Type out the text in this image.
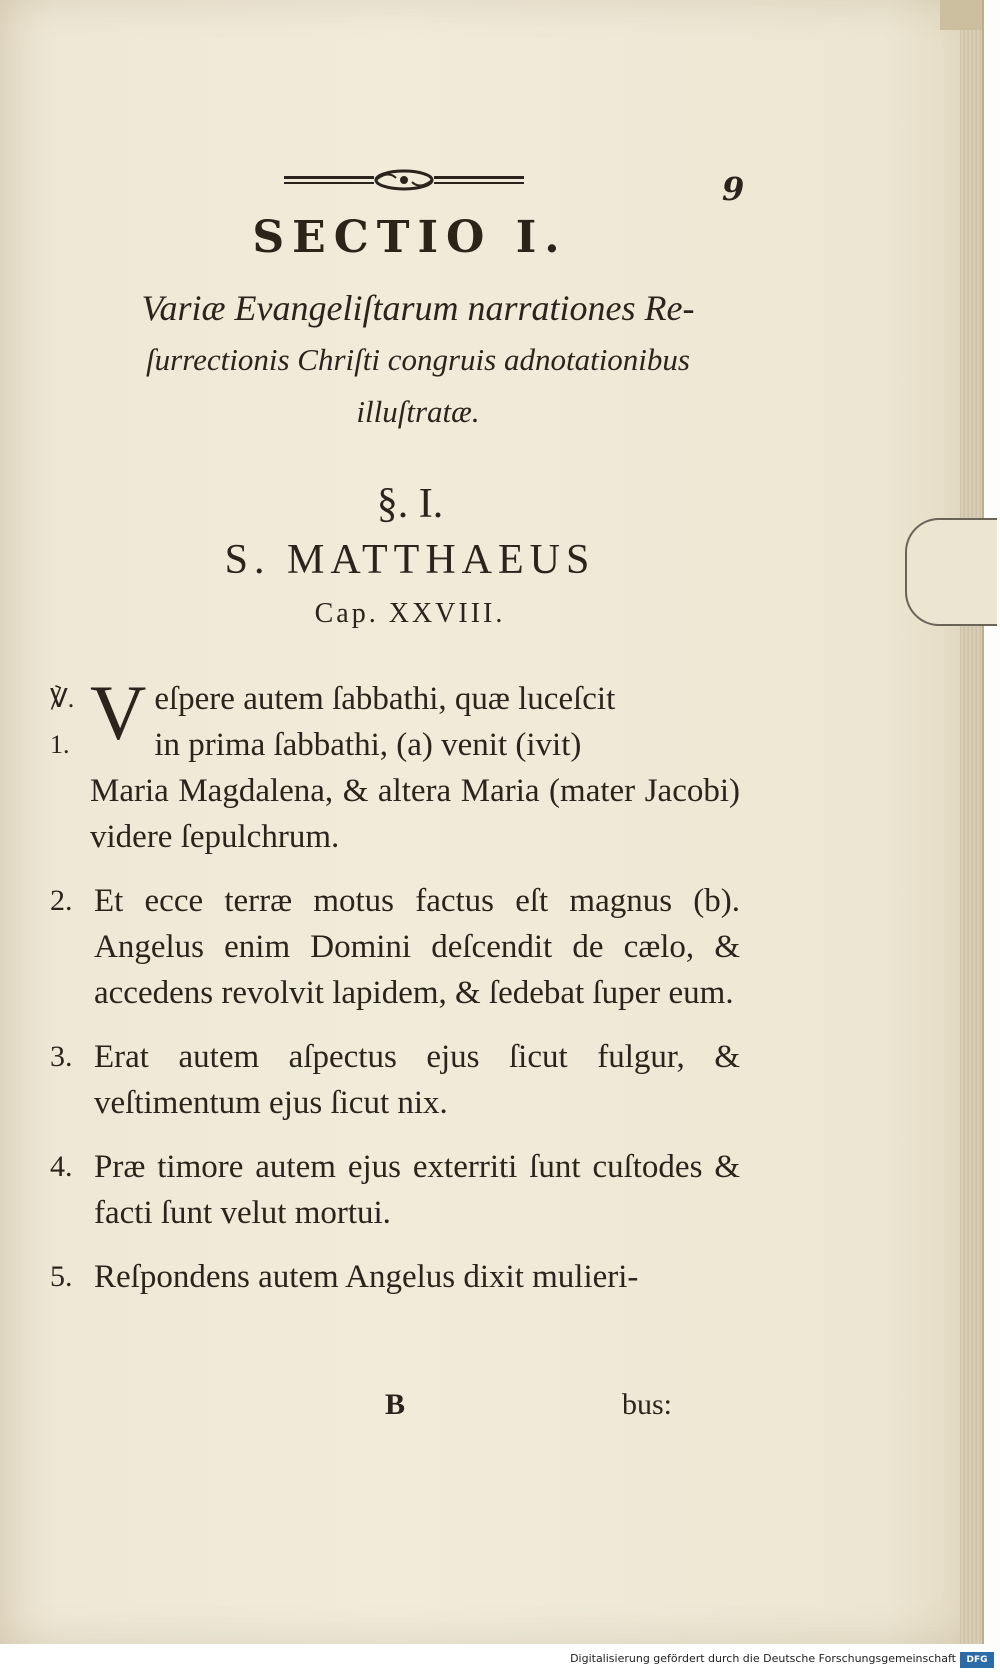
9
SECTIO I.
Variæ Evangeliſtarum narrationes Re-
ſurrectionis Chriſti congruis adnotationibus
illuſtratæ.
§. I.
S. MATTHAEUS
Cap. XXVIII.
℣. 1. V eſpere autem ſabbathi, quæ luceſcit
in prima ſabbathi, (a) venit (ivit)
Maria Magdalena, & altera Maria (mater Jacobi) videre ſepulchrum.
2. Et ecce terræ motus factus eſt magnus (b). Angelus enim Domini deſcendit de cælo, & accedens revolvit lapidem, & ſedebat ſuper eum.
3. Erat autem aſpectus ejus ſicut fulgur, & veſtimentum ejus ſicut nix.
4. Præ timore autem ejus exterriti ſunt cuſtodes & facti ſunt velut mortui.
5. Reſpondens autem Angelus dixit mulieri-
B	bus:
Digitalisierung gefördert durch die Deutsche Forschungsgemeinschaft	DFG
